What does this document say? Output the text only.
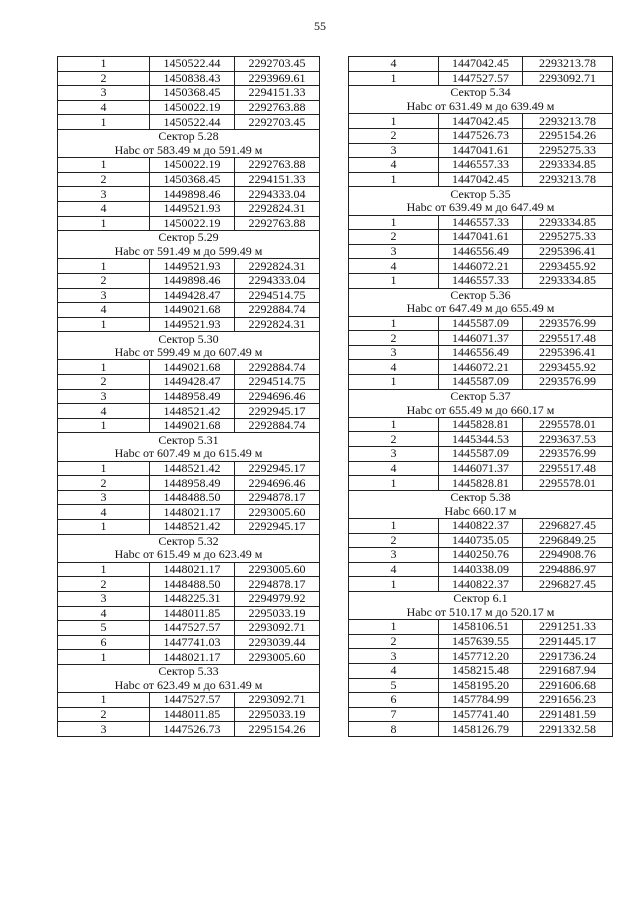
55
1	1450522.44	2292703.45
2	1450838.43	2293969.61
3	1450368.45	2294151.33
4	1450022.19	2292763.88
1	1450522.44	2292703.45
Сектор 5.28		
Нabc от 583.49 м до 591.49 м		
1	1450022.19	2292763.88
2	1450368.45	2294151.33
3	1449898.46	2294333.04
4	1449521.93	2292824.31
1	1450022.19	2292763.88
Сектор 5.29		
Нabc от 591.49 м до 599.49 м		
1	1449521.93	2292824.31
2	1449898.46	2294333.04
3	1449428.47	2294514.75
4	1449021.68	2292884.74
1	1449521.93	2292824.31
Сектор 5.30		
Нabc от 599.49 м до 607.49 м		
1	1449021.68	2292884.74
2	1449428.47	2294514.75
3	1448958.49	2294696.46
4	1448521.42	2292945.17
1	1449021.68	2292884.74
Сектор 5.31		
Нabc от 607.49 м до 615.49 м		
1	1448521.42	2292945.17
2	1448958.49	2294696.46
3	1448488.50	2294878.17
4	1448021.17	2293005.60
1	1448521.42	2292945.17
Сектор 5.32		
Нabc от 615.49 м до 623.49 м		
1	1448021.17	2293005.60
2	1448488.50	2294878.17
3	1448225.31	2294979.92
4	1448011.85	2295033.19
5	1447527.57	2293092.71
6	1447741.03	2293039.44
1	1448021.17	2293005.60
Сектор 5.33		
Нabc от 623.49 м до 631.49 м		
1	1447527.57	2293092.71
2	1448011.85	2295033.19
3	1447526.73	2295154.26
4	1447042.45	2293213.78
1	1447527.57	2293092.71
Сектор 5.34		
Нabc от 631.49 м до 639.49 м		
1	1447042.45	2293213.78
2	1447526.73	2295154.26
3	1447041.61	2295275.33
4	1446557.33	2293334.85
1	1447042.45	2293213.78
Сектор 5.35		
Нabc от 639.49 м до 647.49 м		
1	1446557.33	2293334.85
2	1447041.61	2295275.33
3	1446556.49	2295396.41
4	1446072.21	2293455.92
1	1446557.33	2293334.85
Сектор 5.36		
Нabc от 647.49 м до 655.49 м		
1	1445587.09	2293576.99
2	1446071.37	2295517.48
3	1446556.49	2295396.41
4	1446072.21	2293455.92
1	1445587.09	2293576.99
Сектор 5.37		
Нabc от 655.49 м до 660.17 м		
1	1445828.81	2295578.01
2	1445344.53	2293637.53
3	1445587.09	2293576.99
4	1446071.37	2295517.48
1	1445828.81	2295578.01
Сектор 5.38		
Нabc 660.17 м		
1	1440822.37	2296827.45
2	1440735.05	2296849.25
3	1440250.76	2294908.76
4	1440338.09	2294886.97
1	1440822.37	2296827.45
Сектор 6.1		
Нabc от 510.17 м до 520.17 м		
1	1458106.51	2291251.33
2	1457639.55	2291445.17
3	1457712.20	2291736.24
4	1458215.48	2291687.94
5	1458195.20	2291606.68
6	1457784.99	2291656.23
7	1457741.40	2291481.59
8	1458126.79	2291332.58
